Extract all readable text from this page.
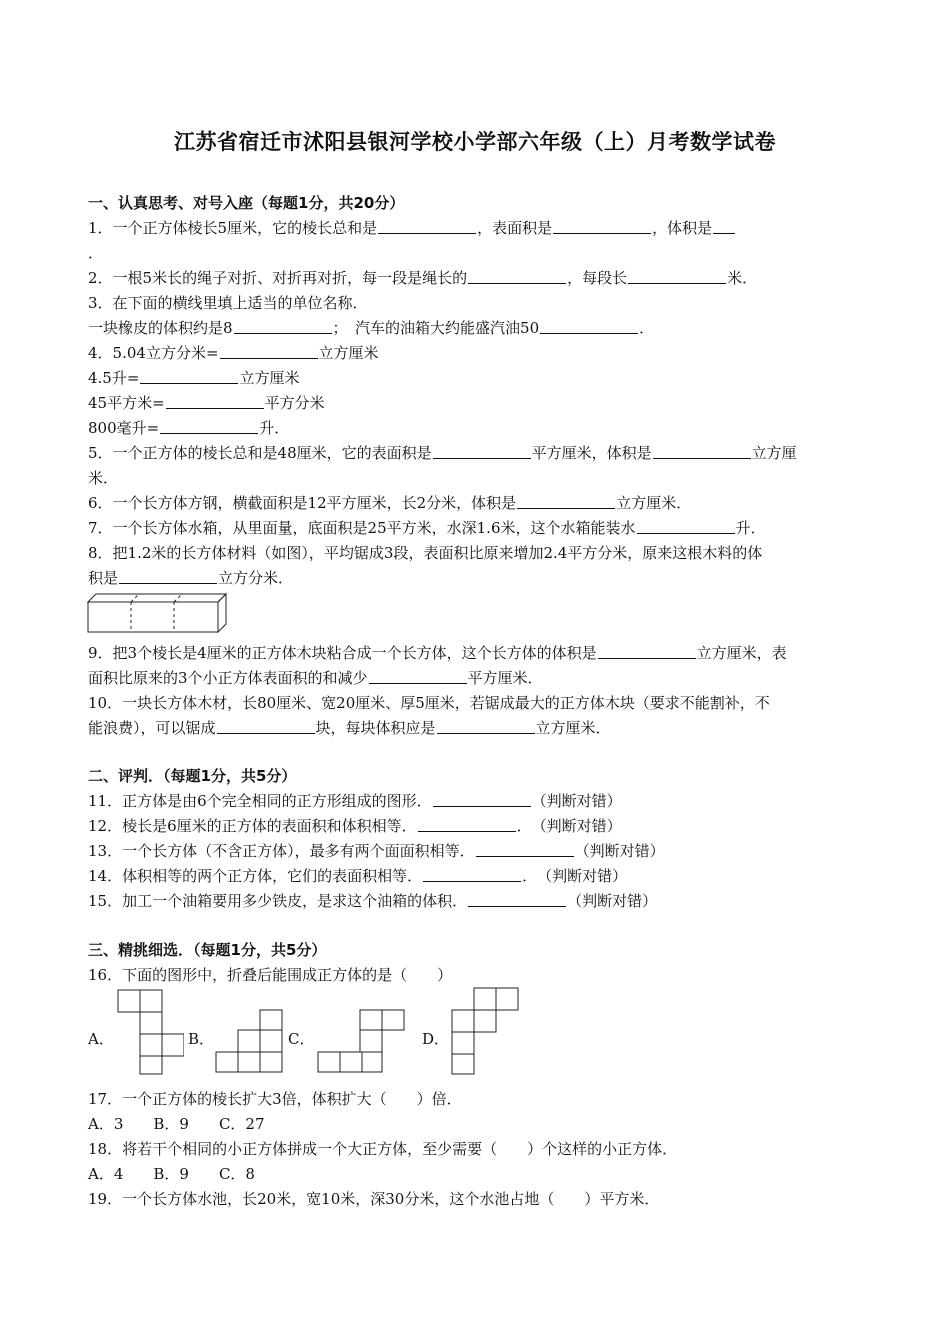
江苏省宿迁市沭阳县银河学校小学部六年级（上）月考数学试卷
一、认真思考、对号入座（每题1分，共20分）
1．一个正方体棱长5厘米，它的棱长总和是	，表面积是	，体积是
．
2．一根5米长的绳子对折、对折再对折，每一段是绳长的	，每段长	米．
3．在下面的横线里填上适当的单位名称．
一块橡皮的体积约是8	；　汽车的油箱大约能盛汽油50	．
4．5.04立方分米=	立方厘米
4.5升=	立方厘米
45平方米=	平方分米
800毫升=	升．
5．一个正方体的棱长总和是48厘米，它的表面积是	平方厘米，体积是	立方厘
米．
6．一个长方体方钢，横截面积是12平方厘米，长2分米，体积是	立方厘米．
7．一个长方体水箱，从里面量，底面积是25平方米，水深1.6米，这个水箱能装水	升．
8．把1.2米的长方体材料（如图），平均锯成3段，表面积比原来增加2.4平方分米，原来这根木料的体
积是	立方分米．
9．把3个棱长是4厘米的正方体木块粘合成一个长方体，这个长方体的体积是	立方厘米，表
面积比原来的3个小正方体表面积的和减少	平方厘米．
10．一块长方体木材，长80厘米、宽20厘米、厚5厘米，若锯成最大的正方体木块（要求不能割补，不
能浪费），可以锯成	块，每块体积应是	立方厘米．
二、评判．（每题1分，共5分）
11．正方体是由6个完全相同的正方形组成的图形．	（判断对错）
12．棱长是6厘米的正方体的表面积和体积相等．	．　（判断对错）
13．一个长方体（不含正方体），最多有两个面面积相等．	（判断对错）
14．体积相等的两个正方体，它们的表面积相等．	．　（判断对错）
15．加工一个油箱要用多少铁皮，是求这个油箱的体积．	（判断对错）
三、精挑细选．（每题1分，共5分）
16．下面的图形中，折叠后能围成正方体的是（　　）
A．	B．	C．	D．
17．一个正方体的棱长扩大3倍，体积扩大（　　）倍．
A．3　　B．9　　C．27
18．将若干个相同的小正方体拼成一个大正方体，至少需要（　　）个这样的小正方体．
A．4　　B．9　　C．8
19．一个长方体水池，长20米，宽10米，深30分米，这个水池占地（　　）平方米．
